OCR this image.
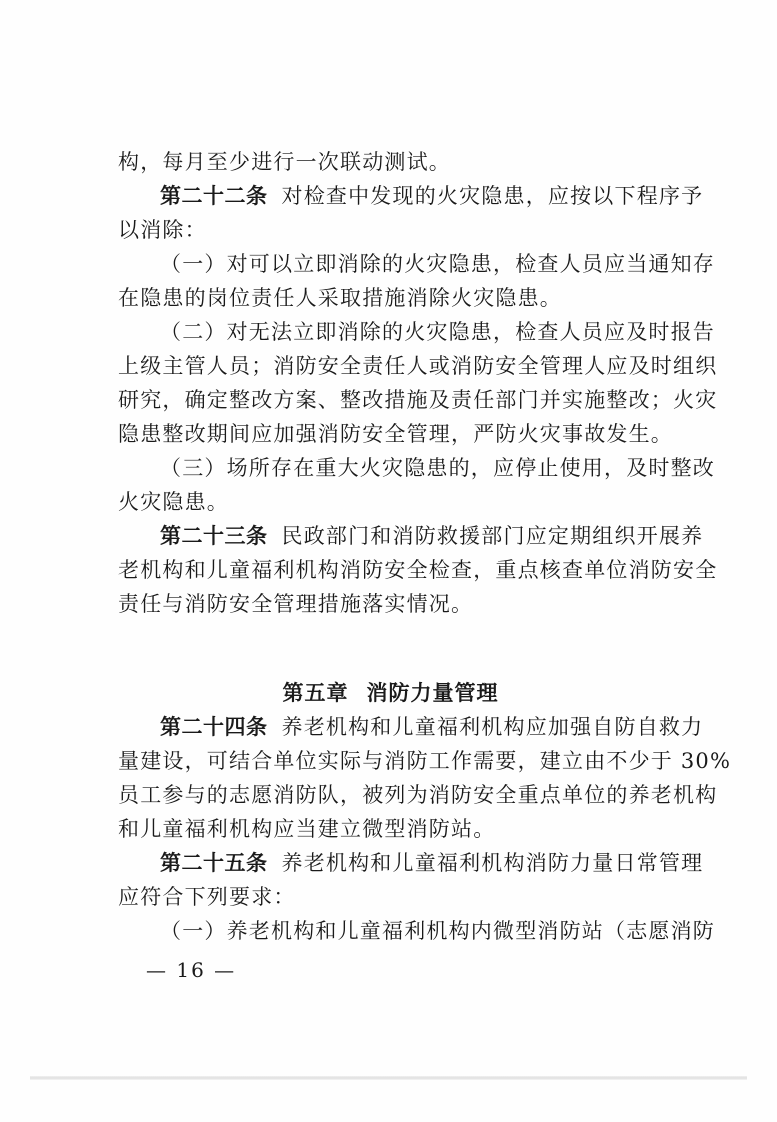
构，每月至少进行一次联动测试。
第二十二条 对检查中发现的火灾隐患，应按以下程序予
以消除：
（一）对可以立即消除的火灾隐患，检查人员应当通知存
在隐患的岗位责任人采取措施消除火灾隐患。
（二）对无法立即消除的火灾隐患，检查人员应及时报告
上级主管人员；消防安全责任人或消防安全管理人应及时组织
研究，确定整改方案、整改措施及责任部门并实施整改；火灾
隐患整改期间应加强消防安全管理，严防火灾事故发生。
（三）场所存在重大火灾隐患的，应停止使用，及时整改
火灾隐患。
第二十三条 民政部门和消防救援部门应定期组织开展养
老机构和儿童福利机构消防安全检查，重点核查单位消防安全
责任与消防安全管理措施落实情况。
第五章 消防力量管理
第二十四条 养老机构和儿童福利机构应加强自防自救力
量建设，可结合单位实际与消防工作需要，建立由不少于 30%
员工参与的志愿消防队，被列为消防安全重点单位的养老机构
和儿童福利机构应当建立微型消防站。
第二十五条 养老机构和儿童福利机构消防力量日常管理
应符合下列要求：
（一）养老机构和儿童福利机构内微型消防站（志愿消防
— 16 —
